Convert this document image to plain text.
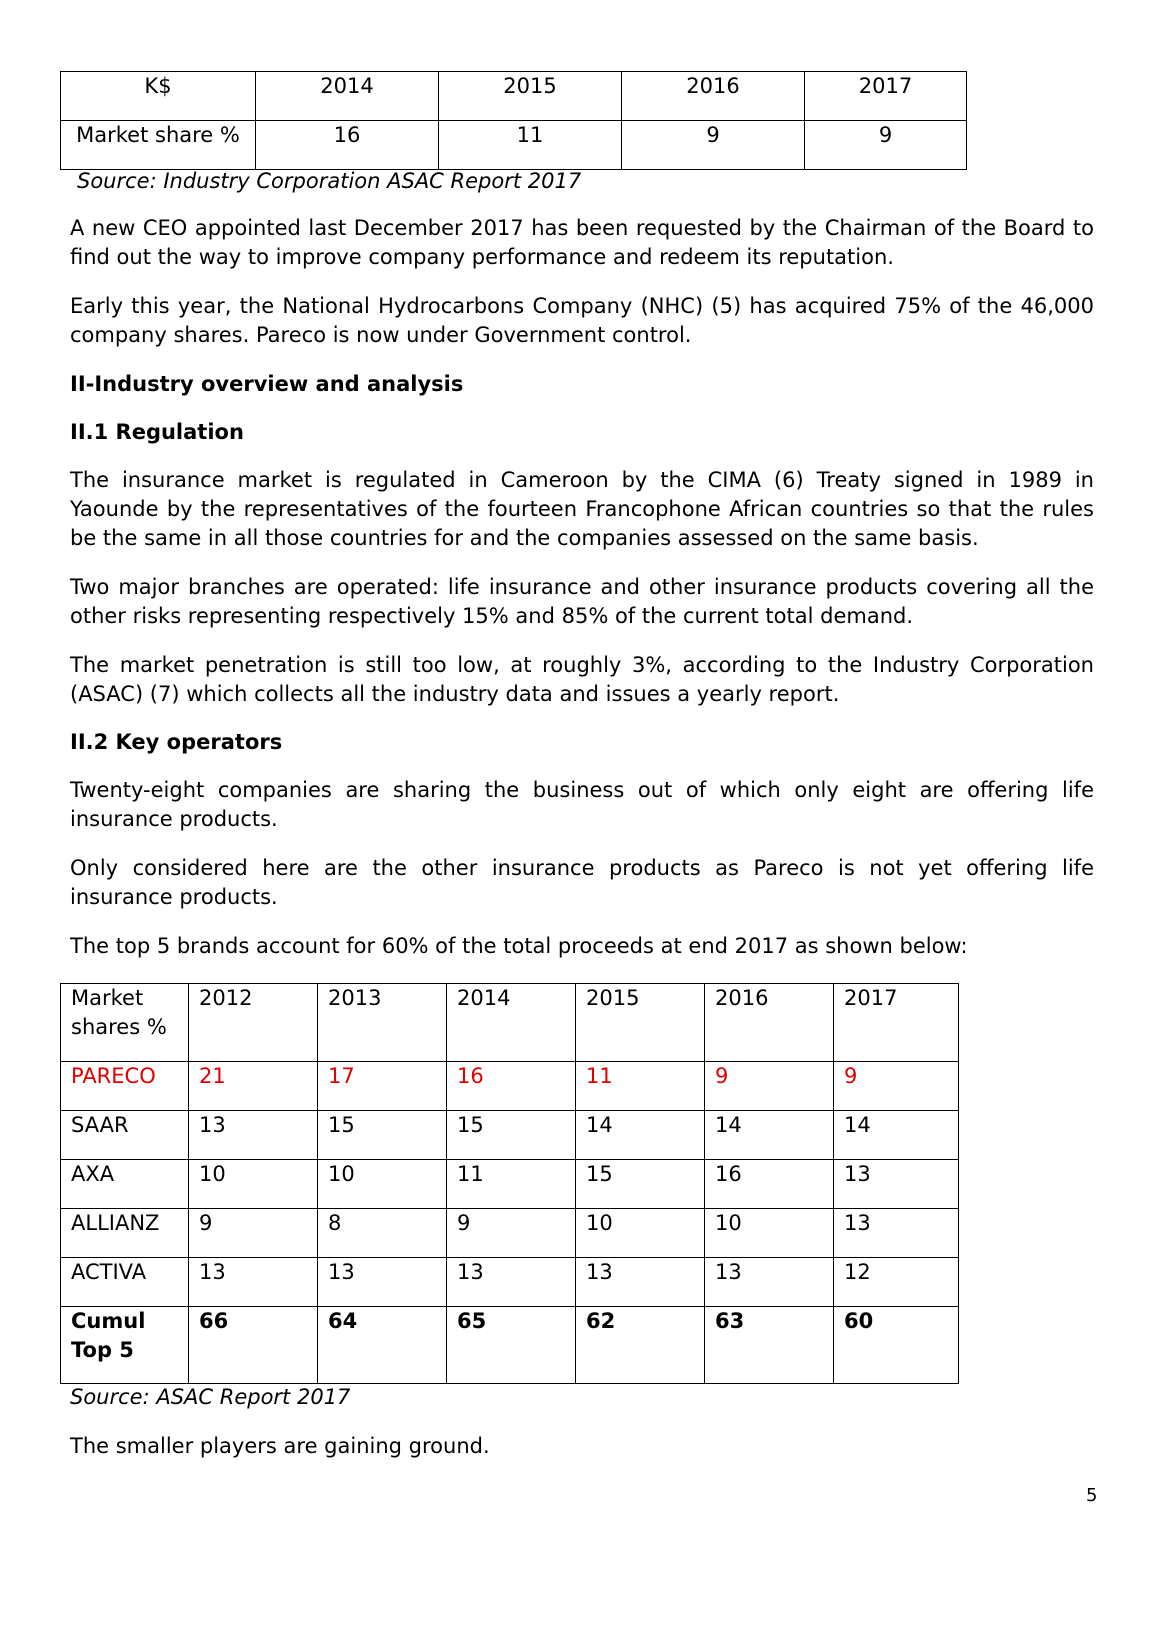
K$	2014	2015	2016	2017
Market share %	16	11	9	9
Source: Industry Corporation ASAC Report 2017
A new CEO appointed last December 2017 has been requested by the Chairman of the Board to find out the way to improve company performance and redeem its reputation.
Early this year, the National Hydrocarbons Company (NHC) (5) has acquired 75% of the 46,000 company shares. Pareco is now under Government control.
II-Industry overview and analysis
II.1 Regulation
The insurance market is regulated in Cameroon by the CIMA (6) Treaty signed in 1989 in Yaounde by the representatives of the fourteen Francophone African countries so that the rules be the same in all those countries for and the companies assessed on the same basis.
Two major branches are operated: life insurance and other insurance products covering all the other risks representing respectively 15% and 85% of the current total demand.
The market penetration is still too low, at roughly 3%, according to the Industry Corporation (ASAC) (7) which collects all the industry data and issues a yearly report.
II.2 Key operators
Twenty-eight companies are sharing the business out of which only eight are offering life insurance products.
Only considered here are the other insurance products as Pareco is not yet offering life insurance products.
The top 5 brands account for 60% of the total proceeds at end 2017 as shown below:
Market
shares %	2012	2013	2014	2015	2016	2017
PARECO	21	17	16	11	9	9
SAAR	13	15	15	14	14	14
AXA	10	10	11	15	16	13
ALLIANZ	9	8	9	10	10	13
ACTIVA	13	13	13	13	13	12
Cumul
Top 5	66	64	65	62	63	60
Source: ASAC Report 2017
The smaller players are gaining ground.
5
